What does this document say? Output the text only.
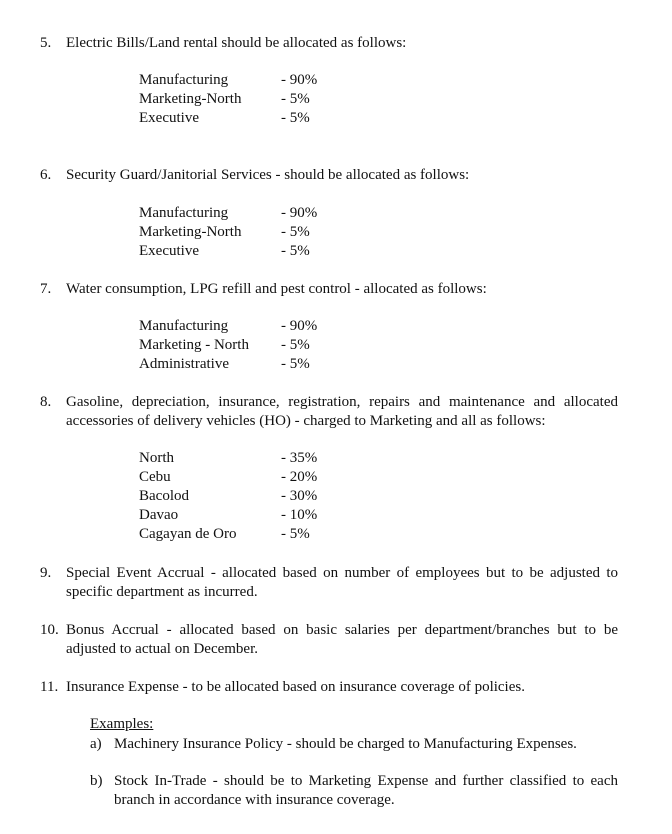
5. Electric Bills/Land rental should be allocated as follows:
Manufacturing	- 90%
Marketing-North	- 5%
Executive	- 5%
6. Security Guard/Janitorial Services - should be allocated as follows:
Manufacturing	- 90%
Marketing-North	- 5%
Executive	- 5%
7. Water consumption, LPG refill and pest control - allocated as follows:
Manufacturing	- 90%
Marketing - North - 5%
Administrative	- 5%
8. Gasoline, depreciation, insurance, registration, repairs and maintenance and allocated accessories of delivery vehicles (HO) - charged to Marketing and all as follows:
North	- 35%
Cebu	- 20%
Bacolod	- 30%
Davao	- 10%
Cagayan de Oro	- 5%
9. Special Event Accrual - allocated based on number of employees but to be adjusted to specific department as incurred.
10. Bonus Accrual - allocated based on basic salaries per department/branches but to be adjusted to actual on December.
11. Insurance Expense - to be allocated based on insurance coverage of policies.
Examples:
a) Machinery Insurance Policy - should be charged to Manufacturing Expenses.
b) Stock In-Trade - should be to Marketing Expense and further classified to each branch in accordance with insurance coverage.
